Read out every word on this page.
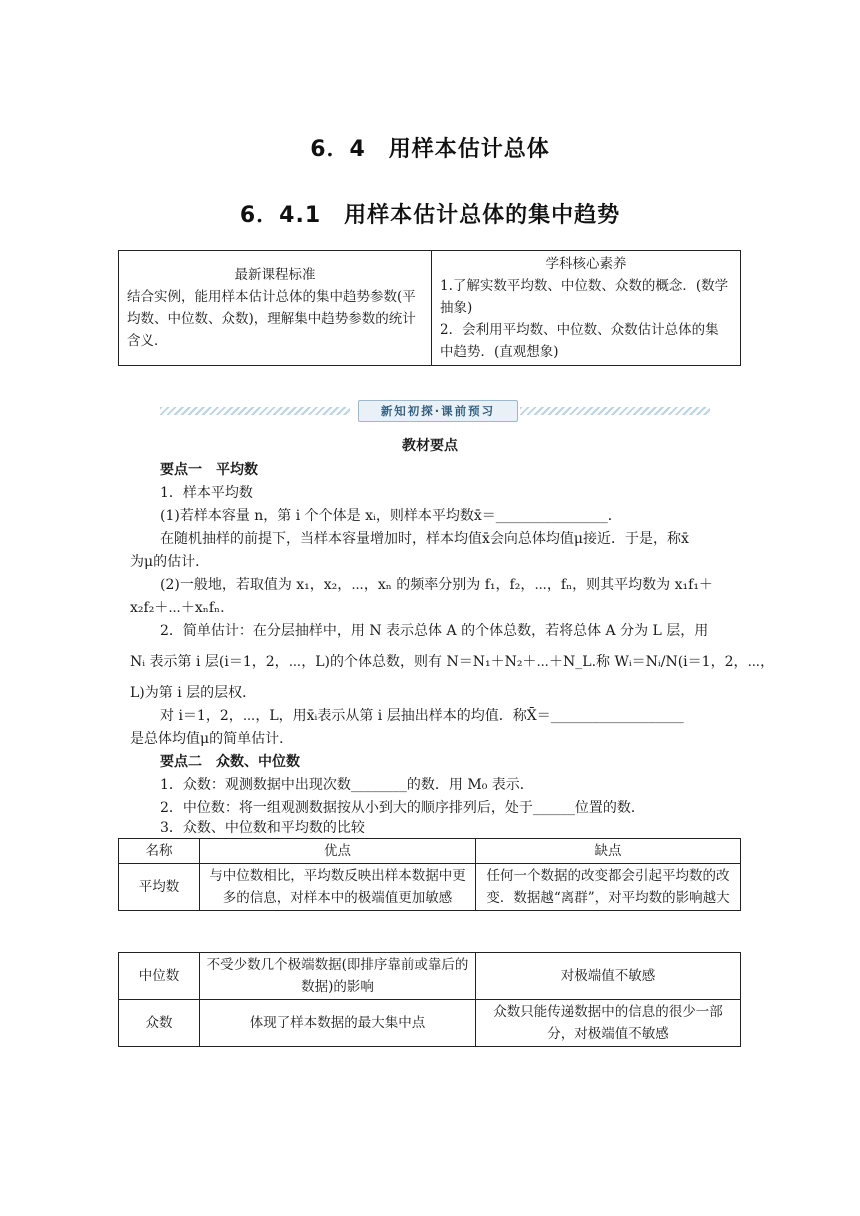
6．4　用样本估计总体
6．4.1　用样本估计总体的集中趋势
最新课程标准
结合实例，能用样本估计总体的集中趋势参数(平均数、中位数、众数)，理解集中趋势参数的统计含义．

学科核心素养
1.了解实数平均数、中位数、众数的概念．(数学抽象)
2．会利用平均数、中位数、众数估计总体的集中趋势．(直观想象)
新知初探·课前预习
教材要点
要点一　平均数
1．样本平均数
(1)若样本容量 n，第 i 个个体是 xᵢ，则样本平均数x̄＝________________．
在随机抽样的前提下，当样本容量增加时，样本均值x̄会向总体均值μ接近．于是，称x̄
为μ的估计．
(2)一般地，若取值为 x₁，x₂，⋯，xₙ 的频率分别为 f₁，f₂，⋯，fₙ，则其平均数为 x₁f₁＋
x₂f₂＋⋯＋xₙfₙ.
2．简单估计：在分层抽样中，用 N 表示总体 A 的个体总数，若将总体 A 分为 L 层，用
Nᵢ 表示第 i 层(i＝1，2，⋯，L)的个体总数，则有 N＝N₁＋N₂＋⋯＋N_L.称 Wᵢ＝Nᵢ/N(i＝1，2，⋯，
L)为第 i 层的层权．
对 i＝1，2，⋯，L，用x̄ᵢ表示从第 i 层抽出样本的均值．称X̄＝___________________
是总体均值μ的简单估计．
要点二　众数、中位数
1．众数：观测数据中出现次数________的数．用 M₀ 表示．
2．中位数：将一组观测数据按从小到大的顺序排列后，处于______位置的数．
3．众数、中位数和平均数的比较
名称	优点	缺点
平均数	与中位数相比，平均数反映出样本数据中更多的信息，对样本中的极端值更加敏感	任何一个数据的改变都会引起平均数的改变．数据越“离群”，对平均数的影响越大
中位数	不受少数几个极端数据(即排序靠前或靠后的数据)的影响	对极端值不敏感
众数	体现了样本数据的最大集中点	众数只能传递数据中的信息的很少一部分，对极端值不敏感
